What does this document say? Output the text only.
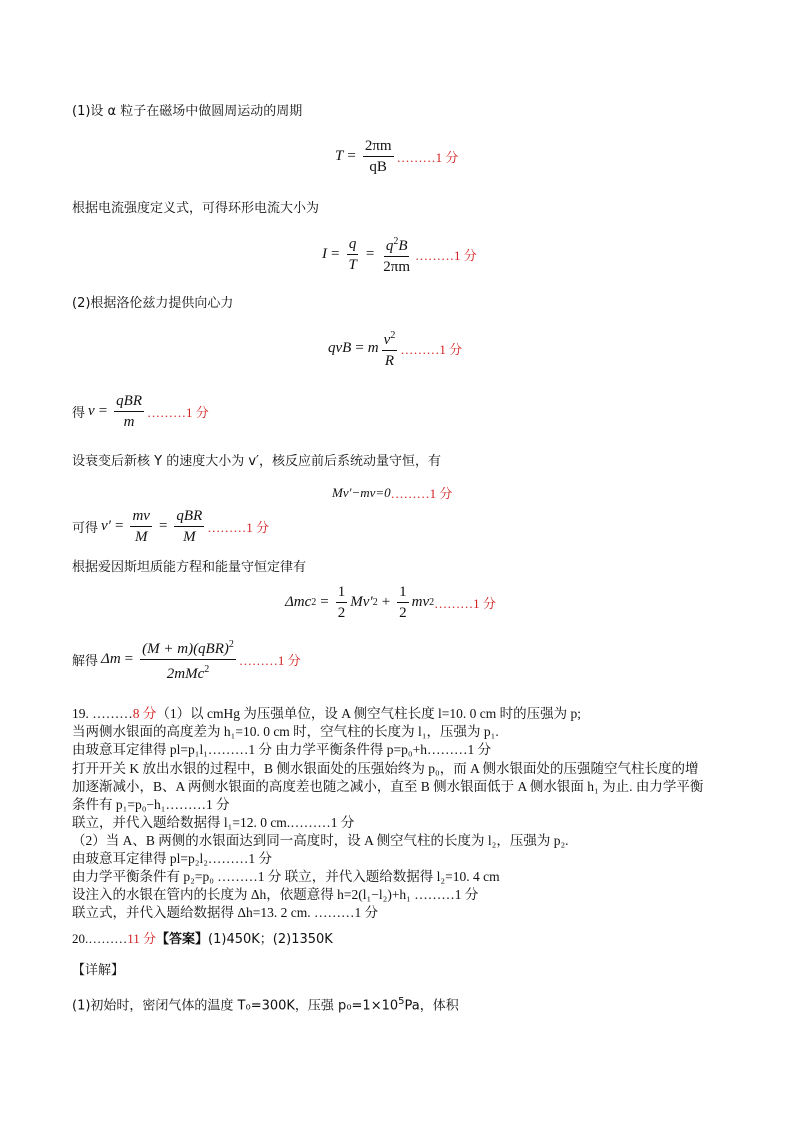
(1)设 α 粒子在磁场中做圆周运动的周期
$T = \frac{2\pi m}{qB}$ ………1 分
根据电流强度定义式，可得环形电流大小为
$I = \frac{q}{T} = \frac{q^2B}{2\pi m}$ ………1 分
(2)根据洛伦兹力提供向心力
qvB = m $\frac{v^2}{R}$ ………1 分
得 $v = \frac{\text{qBR}}{m}$ ………1 分
设衰变后新核 Y 的速度大小为 v′，核反应前后系统动量守恒，有
Mv′−mv=0 ………1 分
可得 $v' = \frac{mv}{M} = \frac{\text{qBR}}{M}$ ………1 分
根据爱因斯坦质能方程和能量守恒定律有
Δmc $2 = \frac{1}{2} Mv'$ $2 + \frac{1}{2}$ mv 2 ………1 分
解得 $\Delta m = \frac{(M + m)(qBR)^2}{2mMc^2}$ ………1 分
19. ………8 分（1）以 cmHg 为压强单位，设 A 侧空气柱长度 l=10. 0 cm 时的压强为 p;
当两侧水银面的高度差为 h₁=10. 0 cm 时，空气柱的长度为 l₁，压强为 p₁.
由玻意耳定律得 pl=p₁l₁………1 分 由力学平衡条件得 p=p₀+h………1 分
打开开关 K 放出水银的过程中，B 侧水银面处的压强始终为 p₀，而 A 侧水银面处的压强随空气柱长度的增
加逐渐减小，B、A 两侧水银面的高度差也随之减小，直至 B 侧水银面低于 A 侧水银面 h₁ 为止. 由力学平衡
条件有 p₁=p₀−h₁………1 分
联立，并代入题给数据得 l₁=12. 0 cm.………1 分
（2）当 A、B 两侧的水银面达到同一高度时，设 A 侧空气柱的长度为 l₂，压强为 p₂.
由玻意耳定律得 pl=p₂l₂………1 分
由力学平衡条件有 p₂=p₀ ………1 分 联立，并代入题给数据得 l₂=10. 4 cm
设注入的水银在管内的长度为 Δh，依题意得 h=2(l₁−l₂)+h₁ ………1 分
联立式，并代入题给数据得 Δh=13. 2 cm. ………1 分
20.………11 分【答案】(1)450K；(2)1350K
【详解】
(1)初始时，密闭气体的温度 T₀=300K，压强 $p_0=1\times 10^5Pa$，体积
